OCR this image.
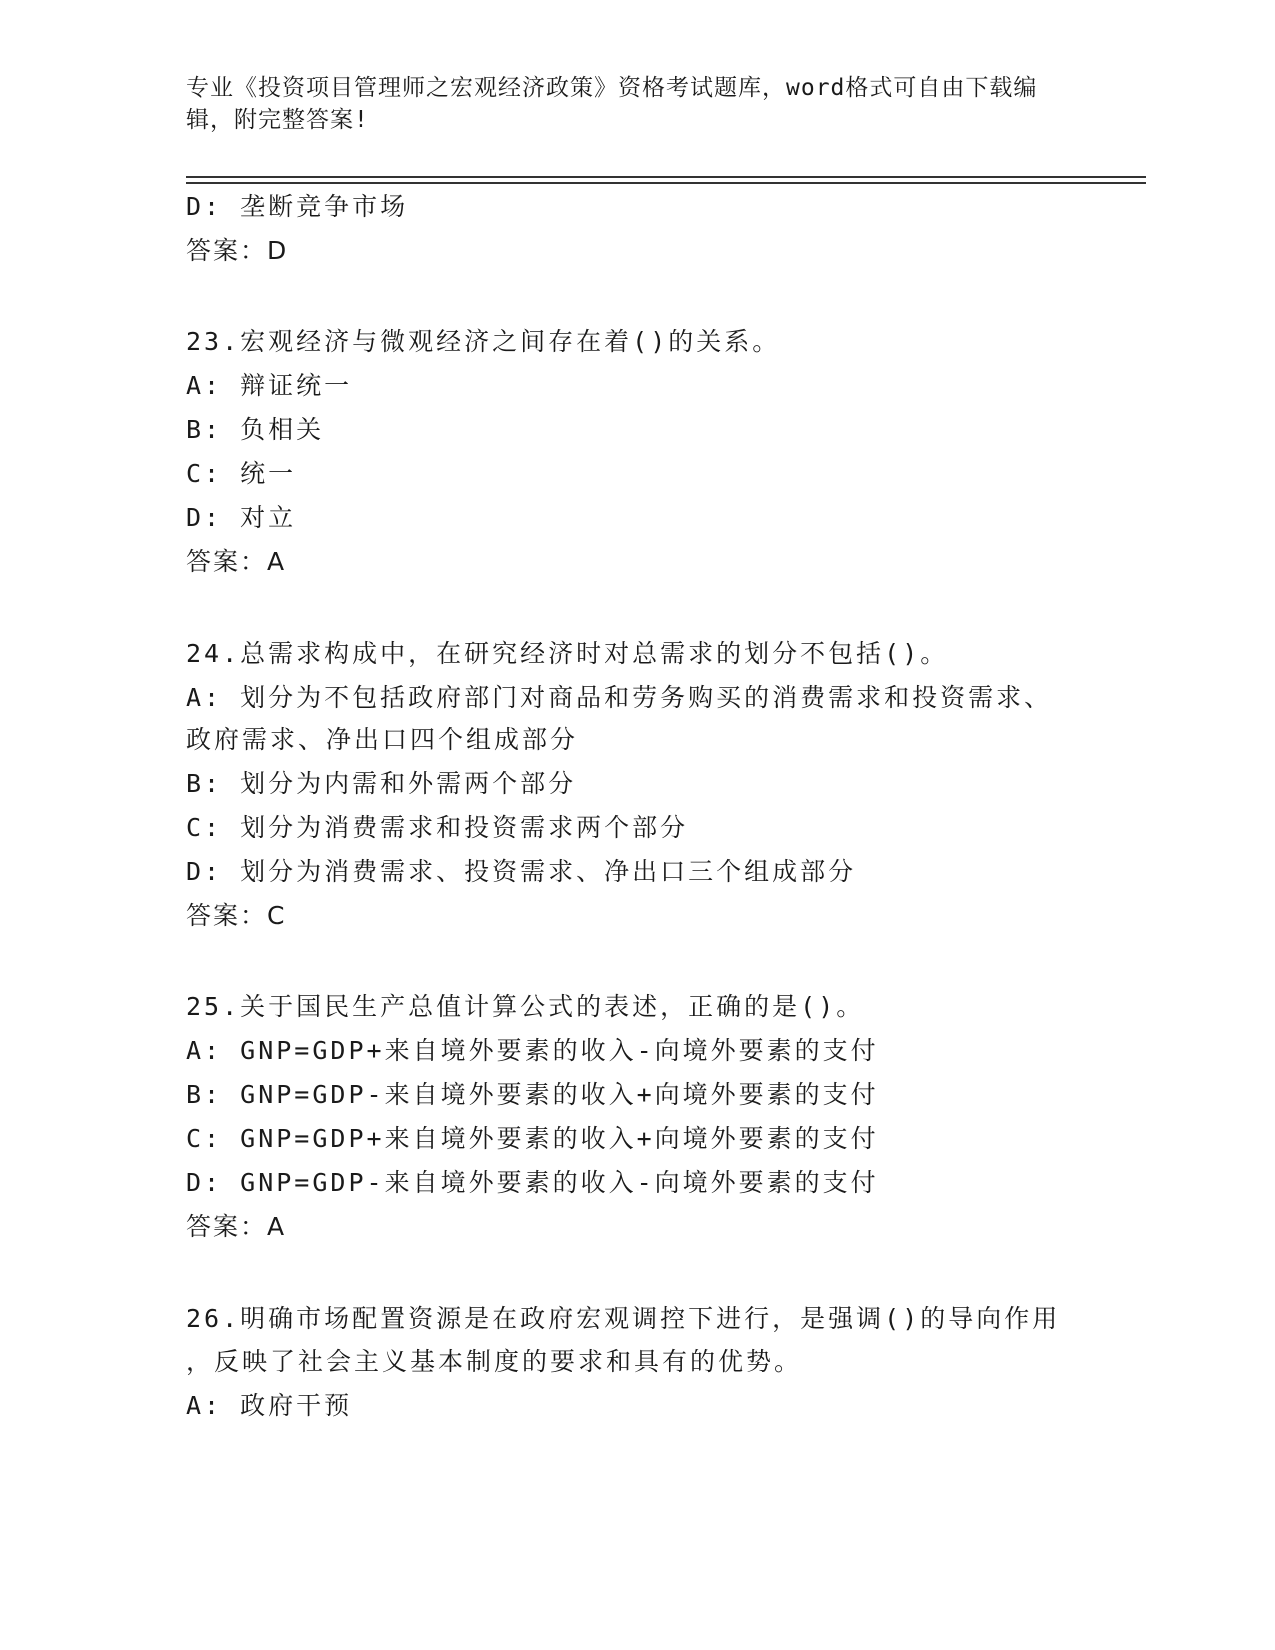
专业《投资项目管理师之宏观经济政策》资格考试题库，word格式可自由下载编
辑，附完整答案!
D: 垄断竞争市场
答案：D
23.宏观经济与微观经济之间存在着()的关系。
A: 辩证统一
B: 负相关
C: 统一
D: 对立
答案：A
24.总需求构成中，在研究经济时对总需求的划分不包括()。
A: 划分为不包括政府部门对商品和劳务购买的消费需求和投资需求、
政府需求、净出口四个组成部分
B: 划分为内需和外需两个部分
C: 划分为消费需求和投资需求两个部分
D: 划分为消费需求、投资需求、净出口三个组成部分
答案：C
25.关于国民生产总值计算公式的表述，正确的是()。
A: GNP=GDP+来自境外要素的收入-向境外要素的支付
B: GNP=GDP-来自境外要素的收入+向境外要素的支付
C: GNP=GDP+来自境外要素的收入+向境外要素的支付
D: GNP=GDP-来自境外要素的收入-向境外要素的支付
答案：A
26.明确市场配置资源是在政府宏观调控下进行，是强调()的导向作用
，反映了社会主义基本制度的要求和具有的优势。
A: 政府干预
